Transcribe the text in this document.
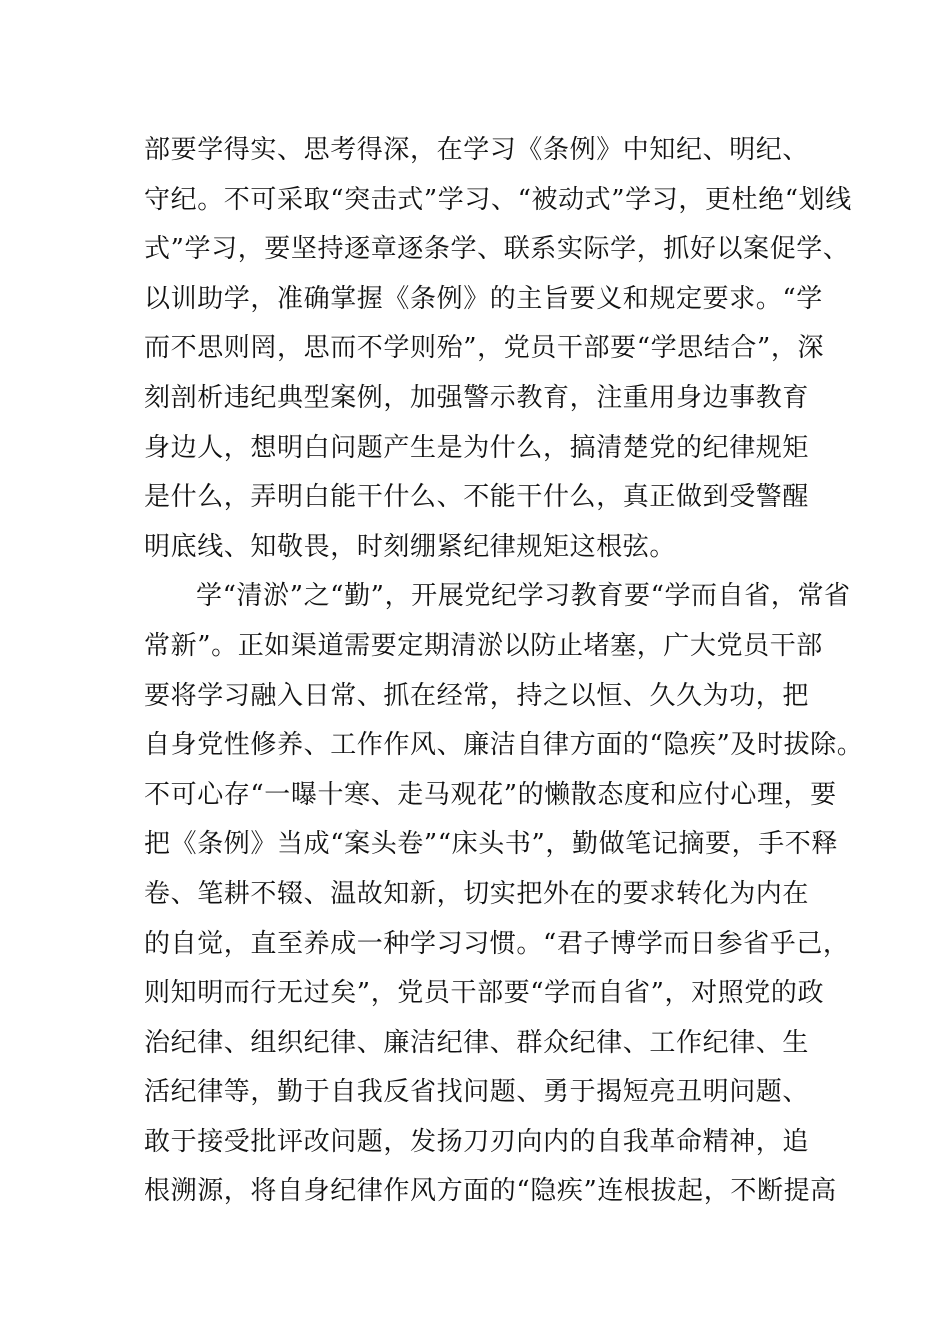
部要学得实、思考得深，在学习《条例》中知纪、明纪、
守纪。不可采取“突击式”学习、“被动式”学习，更杜绝“划线
式”学习，要坚持逐章逐条学、联系实际学，抓好以案促学、
以训助学，准确掌握《条例》的主旨要义和规定要求。“学
而不思则罔，思而不学则殆”，党员干部要“学思结合”，深
刻剖析违纪典型案例，加强警示教育，注重用身边事教育
身边人，想明白问题产生是为什么，搞清楚党的纪律规矩
是什么，弄明白能干什么、不能干什么，真正做到受警醒
明底线、知敬畏，时刻绷紧纪律规矩这根弦。
学“清淤”之“勤”，开展党纪学习教育要“学而自省，常省
常新”。正如渠道需要定期清淤以防止堵塞，广大党员干部
要将学习融入日常、抓在经常，持之以恒、久久为功，把
自身党性修养、工作作风、廉洁自律方面的“隐疾”及时拔除。
不可心存“一曝十寒、走马观花”的懒散态度和应付心理，要
把《条例》当成“案头卷”“床头书”，勤做笔记摘要，手不释
卷、笔耕不辍、温故知新，切实把外在的要求转化为内在
的自觉，直至养成一种学习习惯。“君子博学而日参省乎己，
则知明而行无过矣”，党员干部要“学而自省”，对照党的政
治纪律、组织纪律、廉洁纪律、群众纪律、工作纪律、生
活纪律等，勤于自我反省找问题、勇于揭短亮丑明问题、
敢于接受批评改问题，发扬刀刃向内的自我革命精神，追
根溯源，将自身纪律作风方面的“隐疾”连根拔起，不断提高
